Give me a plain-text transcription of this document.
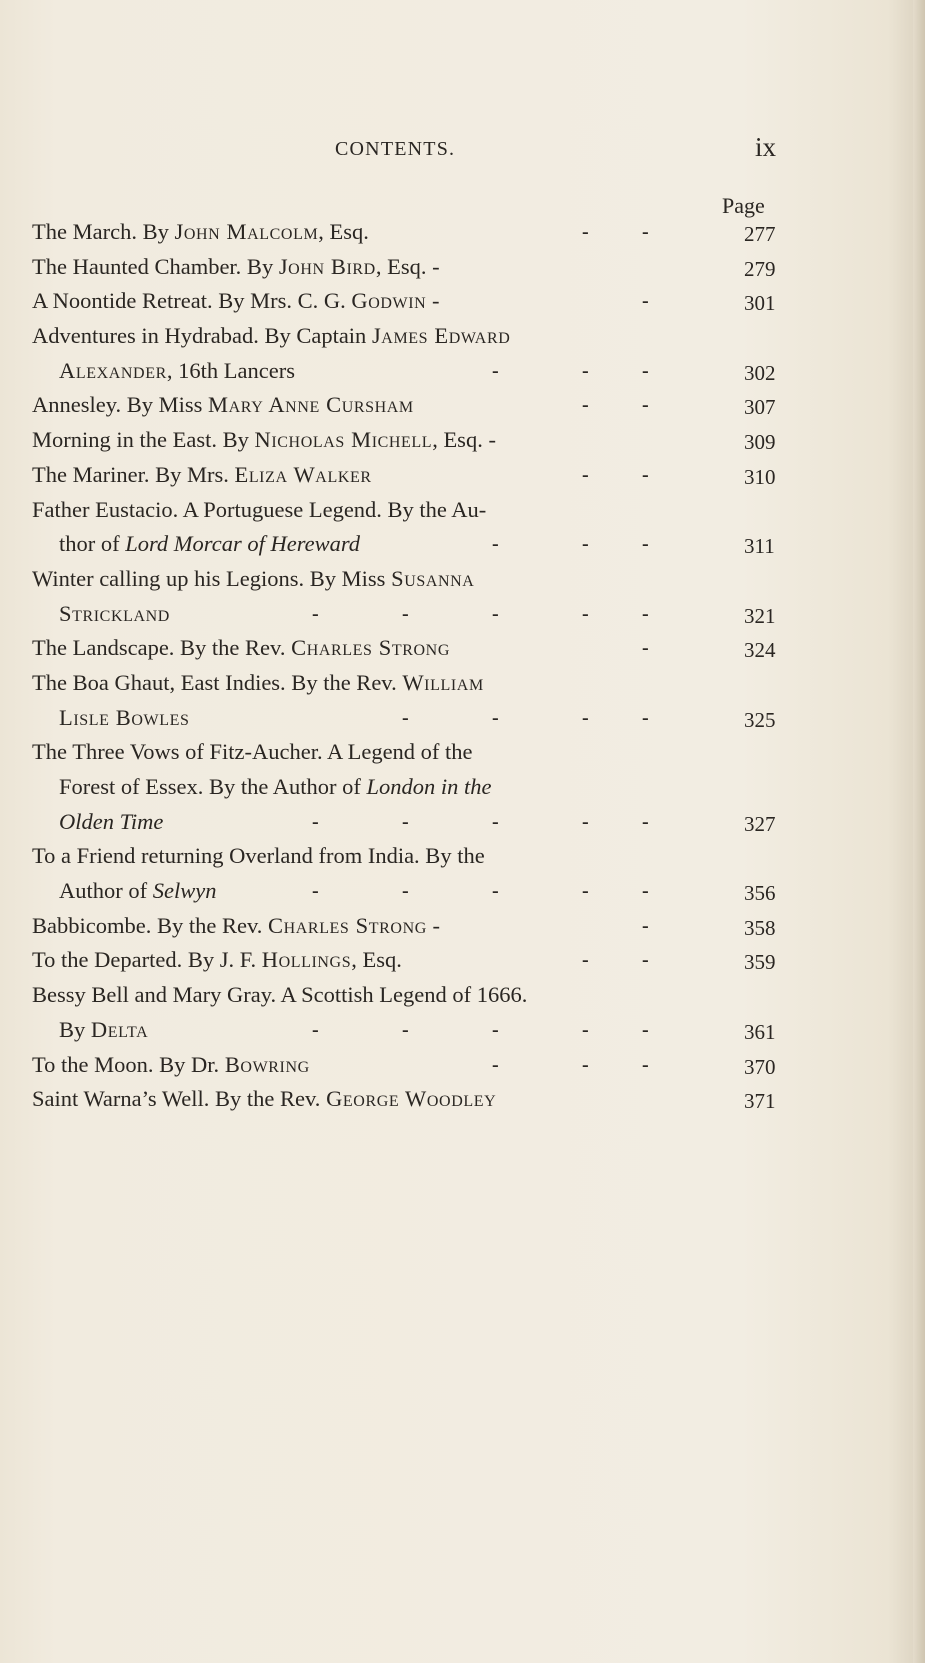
CONTENTS.	ix
Page
The March. By John Malcolm, Esq.	-	-	277
The Haunted Chamber. By John Bird, Esq. -	279
A Noontide Retreat. By Mrs. C. G. Godwin -	-	301
Adventures in Hydrabad. By Captain James Edward
Alexander, 16th Lancers	-	-	-	302
Annesley. By Miss Mary Anne Cursham	-	-	307
Morning in the East. By Nicholas Michell, Esq. -	309
The Mariner. By Mrs. Eliza Walker	-	-	310
Father Eustacio. A Portuguese Legend. By the Au-
thor of Lord Morcar of Hereward	-	-	-	311
Winter calling up his Legions. By Miss Susanna
Strickland	-	-	-	-	-	321
The Landscape. By the Rev. Charles Strong	-	324
The Boa Ghaut, East Indies. By the Rev. William
Lisle Bowles	-	-	-	-	325
The Three Vows of Fitz-Aucher. A Legend of the
Forest of Essex. By the Author of London in the
Olden Time	-	-	-	-	-	327
To a Friend returning Overland from India. By the
Author of Selwyn	-	-	-	-	-	356
Babbicombe. By the Rev. Charles Strong -	-	358
To the Departed. By J. F. Hollings, Esq.	-	-	359
Bessy Bell and Mary Gray. A Scottish Legend of 1666.
By Delta	-	-	-	-	-	361
To the Moon. By Dr. Bowring	-	-	-	370
Saint Warna’s Well. By the Rev. George Woodley	371
